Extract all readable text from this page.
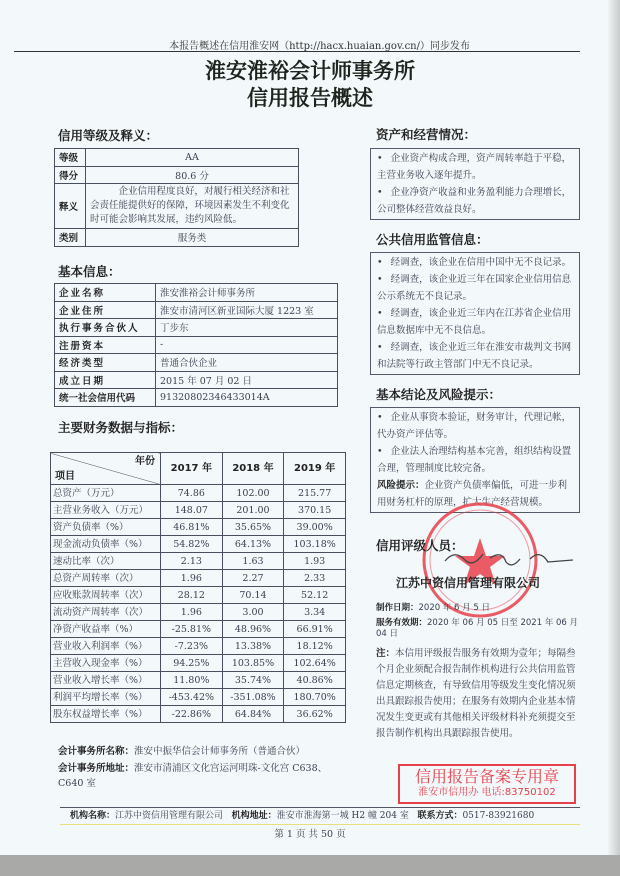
本报告概述在信用淮安网（http://hacx.huaian.gov.cn/）同步发布
淮安淮裕会计师事务所
信用报告概述
信用等级及释义：
等级	AA
得分	80.6 分
释义	企业信用程度良好，对履行相关经济和社会责任能提供好的保障，环境因素发生不利变化时可能会影响其发展，违约风险低。
类别	服务类
基本信息：
企业名称	淮安淮裕会计师事务所
企业住所	淮安市清河区新亚国际大厦 1223 室
执行事务合伙人	丁步东
注册资本	-
经济类型	普通合伙企业
成立日期	2015 年 07 月 02 日
统一社会信用代码	91320802346433014A
主要财务数据与指标：
年份
项目	2017 年	2018 年	2019 年
总资产（万元）	74.86	102.00	215.77
主营业务收入（万元）	148.07	201.00	370.15
资产负债率（%）	46.81%	35.65%	39.00%
现金流动负债率（%）	54.82%	64.13%	103.18%
速动比率（次）	2.13	1.63	1.93
总资产周转率（次）	1.96	2.27	2.33
应收账款周转率（次）	28.12	70.14	52.12
流动资产周转率（次）	1.96	3.00	3.34
净资产收益率（%）	-25.81%	48.96%	66.91%
营业收入利润率（%）	-7.23%	13.38%	18.12%
主营收入现金率（%）	94.25%	103.85%	102.64%
营业收入增长率（%）	11.80%	35.74%	40.86%
利润平均增长率（%）	-453.42%	-351.08%	180.70%
股东权益增长率（%）	-22.86%	64.84%	36.62%
会计事务所名称：淮安中振华信会计师事务所（普通合伙）
会计事务所地址：淮安市清浦区文化宫运河明珠-文化宫 C638、C640 室
资产和经营情况：

• 企业资产构成合理，资产周转率趋于平稳，主营业务收入逐年提升。

• 企业净资产收益和业务盈利能力合理增长，公司整体经营效益良好。

公共信用监管信息：

• 经调查，该企业在信用中国中无不良记录。

• 经调查，该企业近三年在国家企业信用信息公示系统无不良记录。

• 经调查，该企业近三年内在江苏省企业信用信息数据库中无不良信息。

• 经调查，该企业近三年在淮安市裁判文书网和法院等行政主管部门中无不良记录。

基本结论及风险提示：

• 企业从事资本验证，财务审计，代理记帐，代办资产评估等。

• 企业法人治理结构基本完善，组织结构设置合理，管理制度比较完备。

风险提示：企业资产负债率偏低，可进一步利用财务杠杆的原理，扩大生产经营规模。

信用评级人员：
江苏中资信用管理有限公司
制作日期：2020 年 6 月 5 日
服务有效期：2020 年 06 月 05 日至 2021 年 06 月 04 日
注：本信用评级报告服务有效期为壹年；每隔叁个月企业须配合报告制作机构进行公共信用监管信息定期核查，有导致信用等级发生变化情况须出具跟踪报告使用；在服务有效期内企业基本情况发生变更或有其他相关评级材料补充须提交至报告制作机构出具跟踪报告使用。
信用报告备案专用章
淮安市信用办 电话:83750102
机构名称：江苏中资信用管理有限公司 机构地址：淮安市淮海第一城 H2 幢 204 室 联系方式：0517-83921680
第 1 页 共 50 页
